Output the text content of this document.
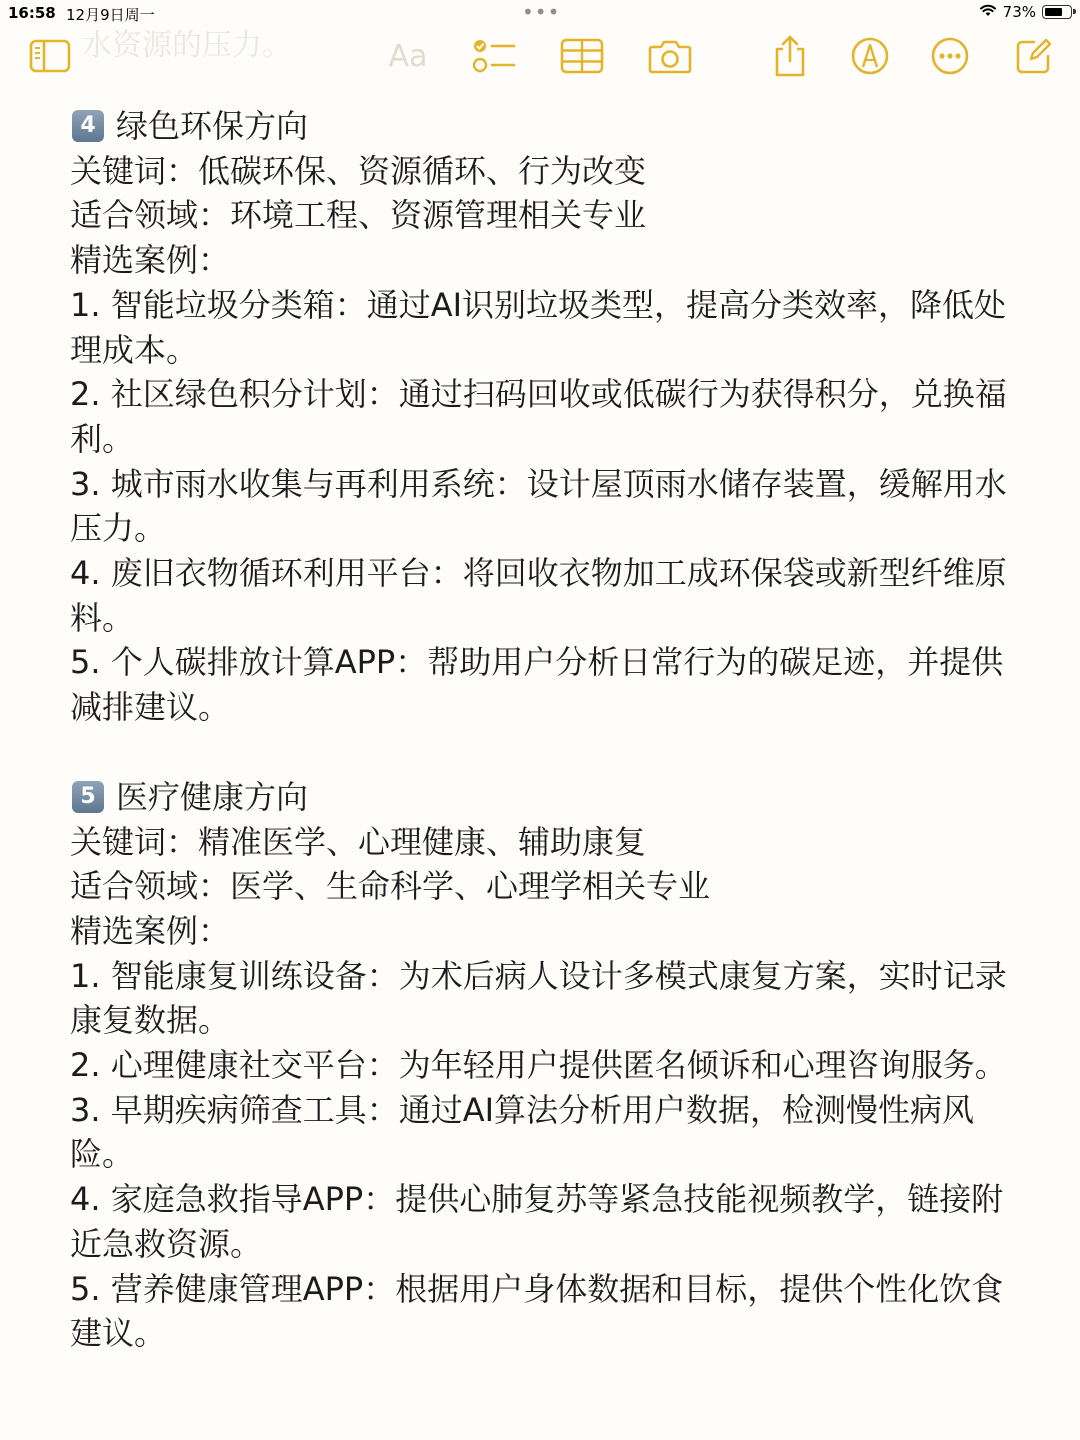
16:58 12月9日周一	•••	73%
水资源的压力。	Aa
4 绿色环保方向
关键词：低碳环保、资源循环、行为改变
适合领域：环境工程、资源管理相关专业
精选案例：
1. 智能垃圾分类箱：通过AI识别垃圾类型，提高分类效率，降低处理成本。
2. 社区绿色积分计划：通过扫码回收或低碳行为获得积分，兑换福利。
3. 城市雨水收集与再利用系统：设计屋顶雨水储存装置，缓解用水压力。
4. 废旧衣物循环利用平台：将回收衣物加工成环保袋或新型纤维原料。
5. 个人碳排放计算APP：帮助用户分析日常行为的碳足迹，并提供减排建议。
5 医疗健康方向
关键词：精准医学、心理健康、辅助康复
适合领域：医学、生命科学、心理学相关专业
精选案例：
1. 智能康复训练设备：为术后病人设计多模式康复方案，实时记录康复数据。
2. 心理健康社交平台：为年轻用户提供匿名倾诉和心理咨询服务。
3. 早期疾病筛查工具：通过AI算法分析用户数据，检测慢性病风险。
4. 家庭急救指导APP：提供心肺复苏等紧急技能视频教学，链接附近急救资源。
5. 营养健康管理APP：根据用户身体数据和目标，提供个性化饮食建议。
